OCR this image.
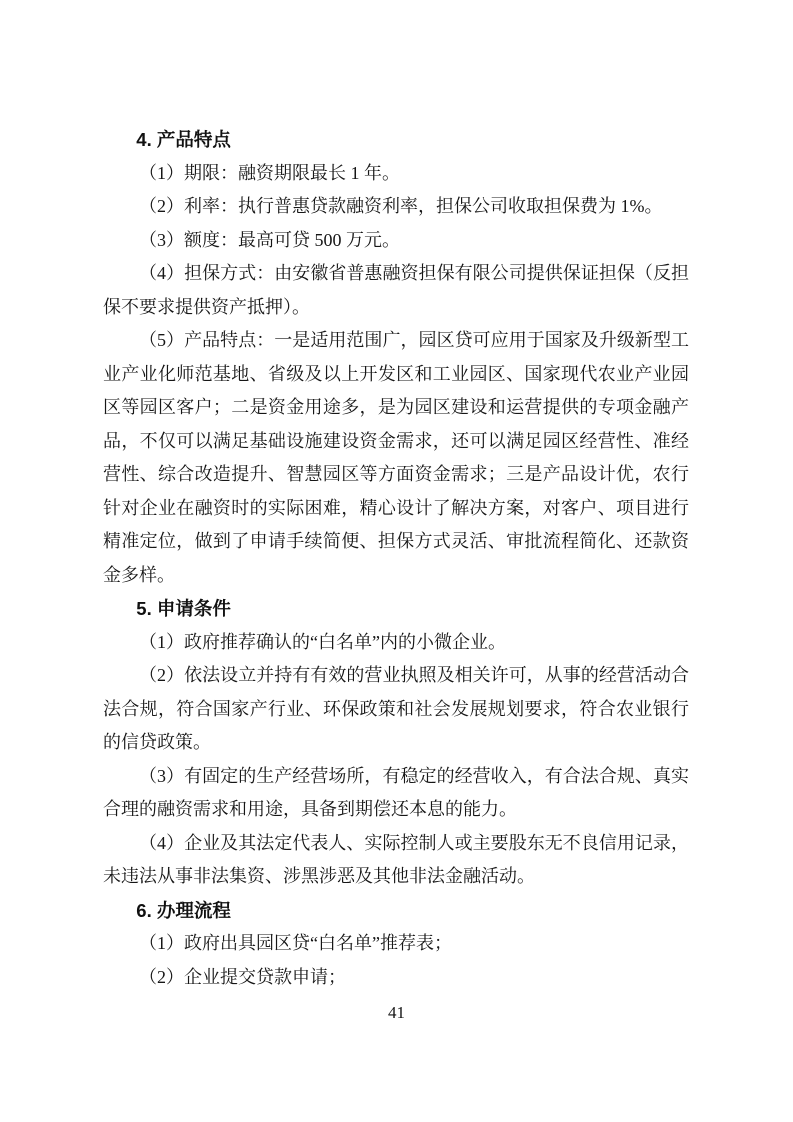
4. 产品特点

（1）期限：融资期限最长 1 年。

（2）利率：执行普惠贷款融资利率，担保公司收取担保费为 1%。

（3）额度：最高可贷 500 万元。

（4）担保方式：由安徽省普惠融资担保有限公司提供保证担保（反担保不要求提供资产抵押）。

（5）产品特点：一是适用范围广，园区贷可应用于国家及升级新型工业产业化师范基地、省级及以上开发区和工业园区、国家现代农业产业园区等园区客户；二是资金用途多，是为园区建设和运营提供的专项金融产品，不仅可以满足基础设施建设资金需求，还可以满足园区经营性、准经营性、综合改造提升、智慧园区等方面资金需求；三是产品设计优，农行针对企业在融资时的实际困难，精心设计了解决方案，对客户、项目进行精准定位，做到了申请手续简便、担保方式灵活、审批流程简化、还款资金多样。

5. 申请条件

（1）政府推荐确认的“白名单”内的小微企业。

（2）依法设立并持有有效的营业执照及相关许可，从事的经营活动合法合规，符合国家产行业、环保政策和社会发展规划要求，符合农业银行的信贷政策。

（3）有固定的生产经营场所，有稳定的经营收入，有合法合规、真实合理的融资需求和用途，具备到期偿还本息的能力。

（4）企业及其法定代表人、实际控制人或主要股东无不良信用记录，未违法从事非法集资、涉黑涉恶及其他非法金融活动。

6. 办理流程

（1）政府出具园区贷“白名单”推荐表；

（2）企业提交贷款申请；

41
